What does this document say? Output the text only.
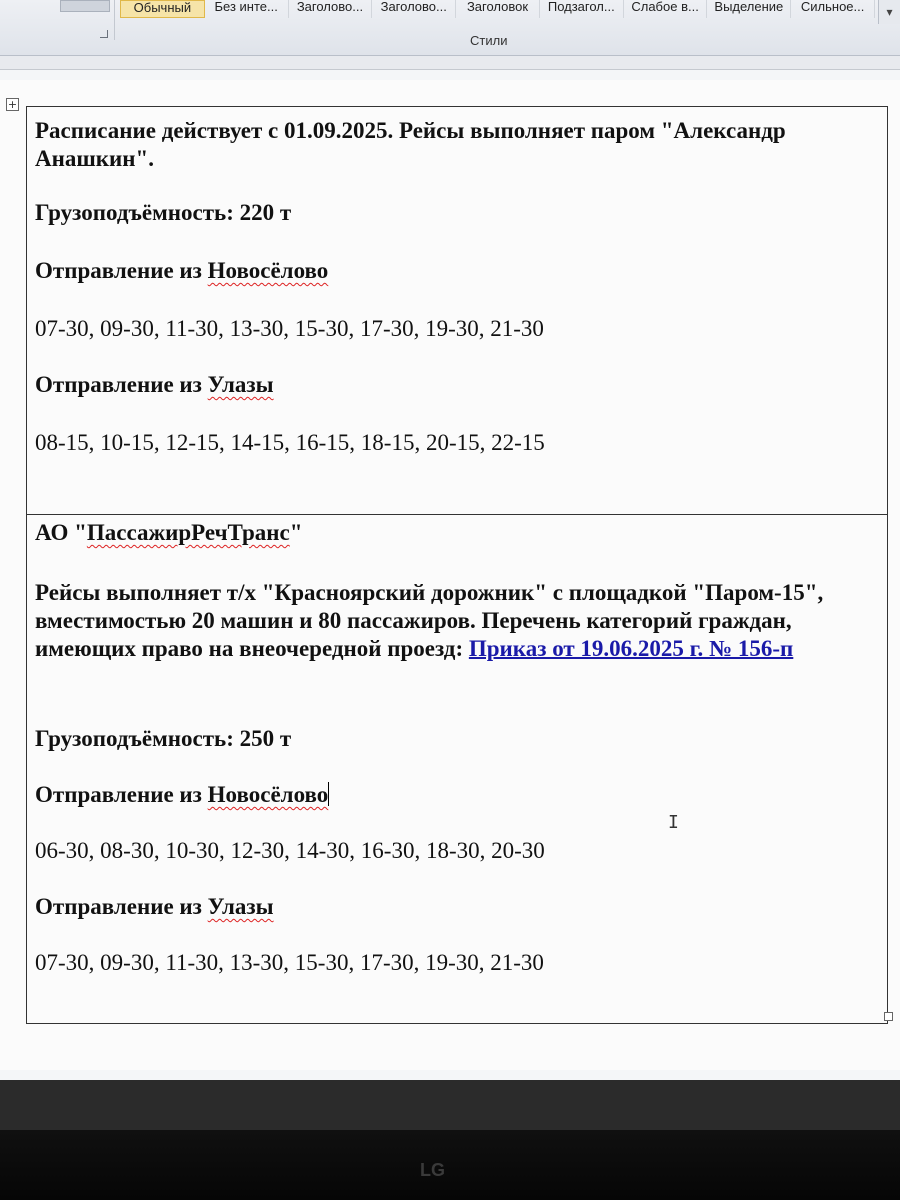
Обычный	Без инте...	Заголово...	Заголово...	Заголовок	Подзагол...	Слабое в...	Выделение	Сильное...	▾
Стили
+

Расписание действует с 01.09.2025. Рейсы выполняет паром "Александр Анашкин".

Грузоподъёмность: 220 т

Отправление из Новосёлово

07-30, 09-30, 11-30, 13-30, 15-30, 17-30, 19-30, 21-30

Отправление из Улазы

08-15, 10-15, 12-15, 14-15, 16-15, 18-15, 20-15, 22-15

АО "ПассажирРечТранс"

Рейсы выполняет т/х "Красноярский дорожник" с площадкой "Паром-15", вместимостью 20 машин и 80 пассажиров. Перечень категорий граждан, имеющих право на внеочередной проезд: Приказ от 19.06.2025 г. № 156-п

Грузоподъёмность: 250 т

Отправление из Новосёлово

06-30, 08-30, 10-30, 12-30, 14-30, 16-30, 18-30, 20-30

Отправление из Улазы

07-30, 09-30, 11-30, 13-30, 15-30, 17-30, 19-30, 21-30

I
LG
